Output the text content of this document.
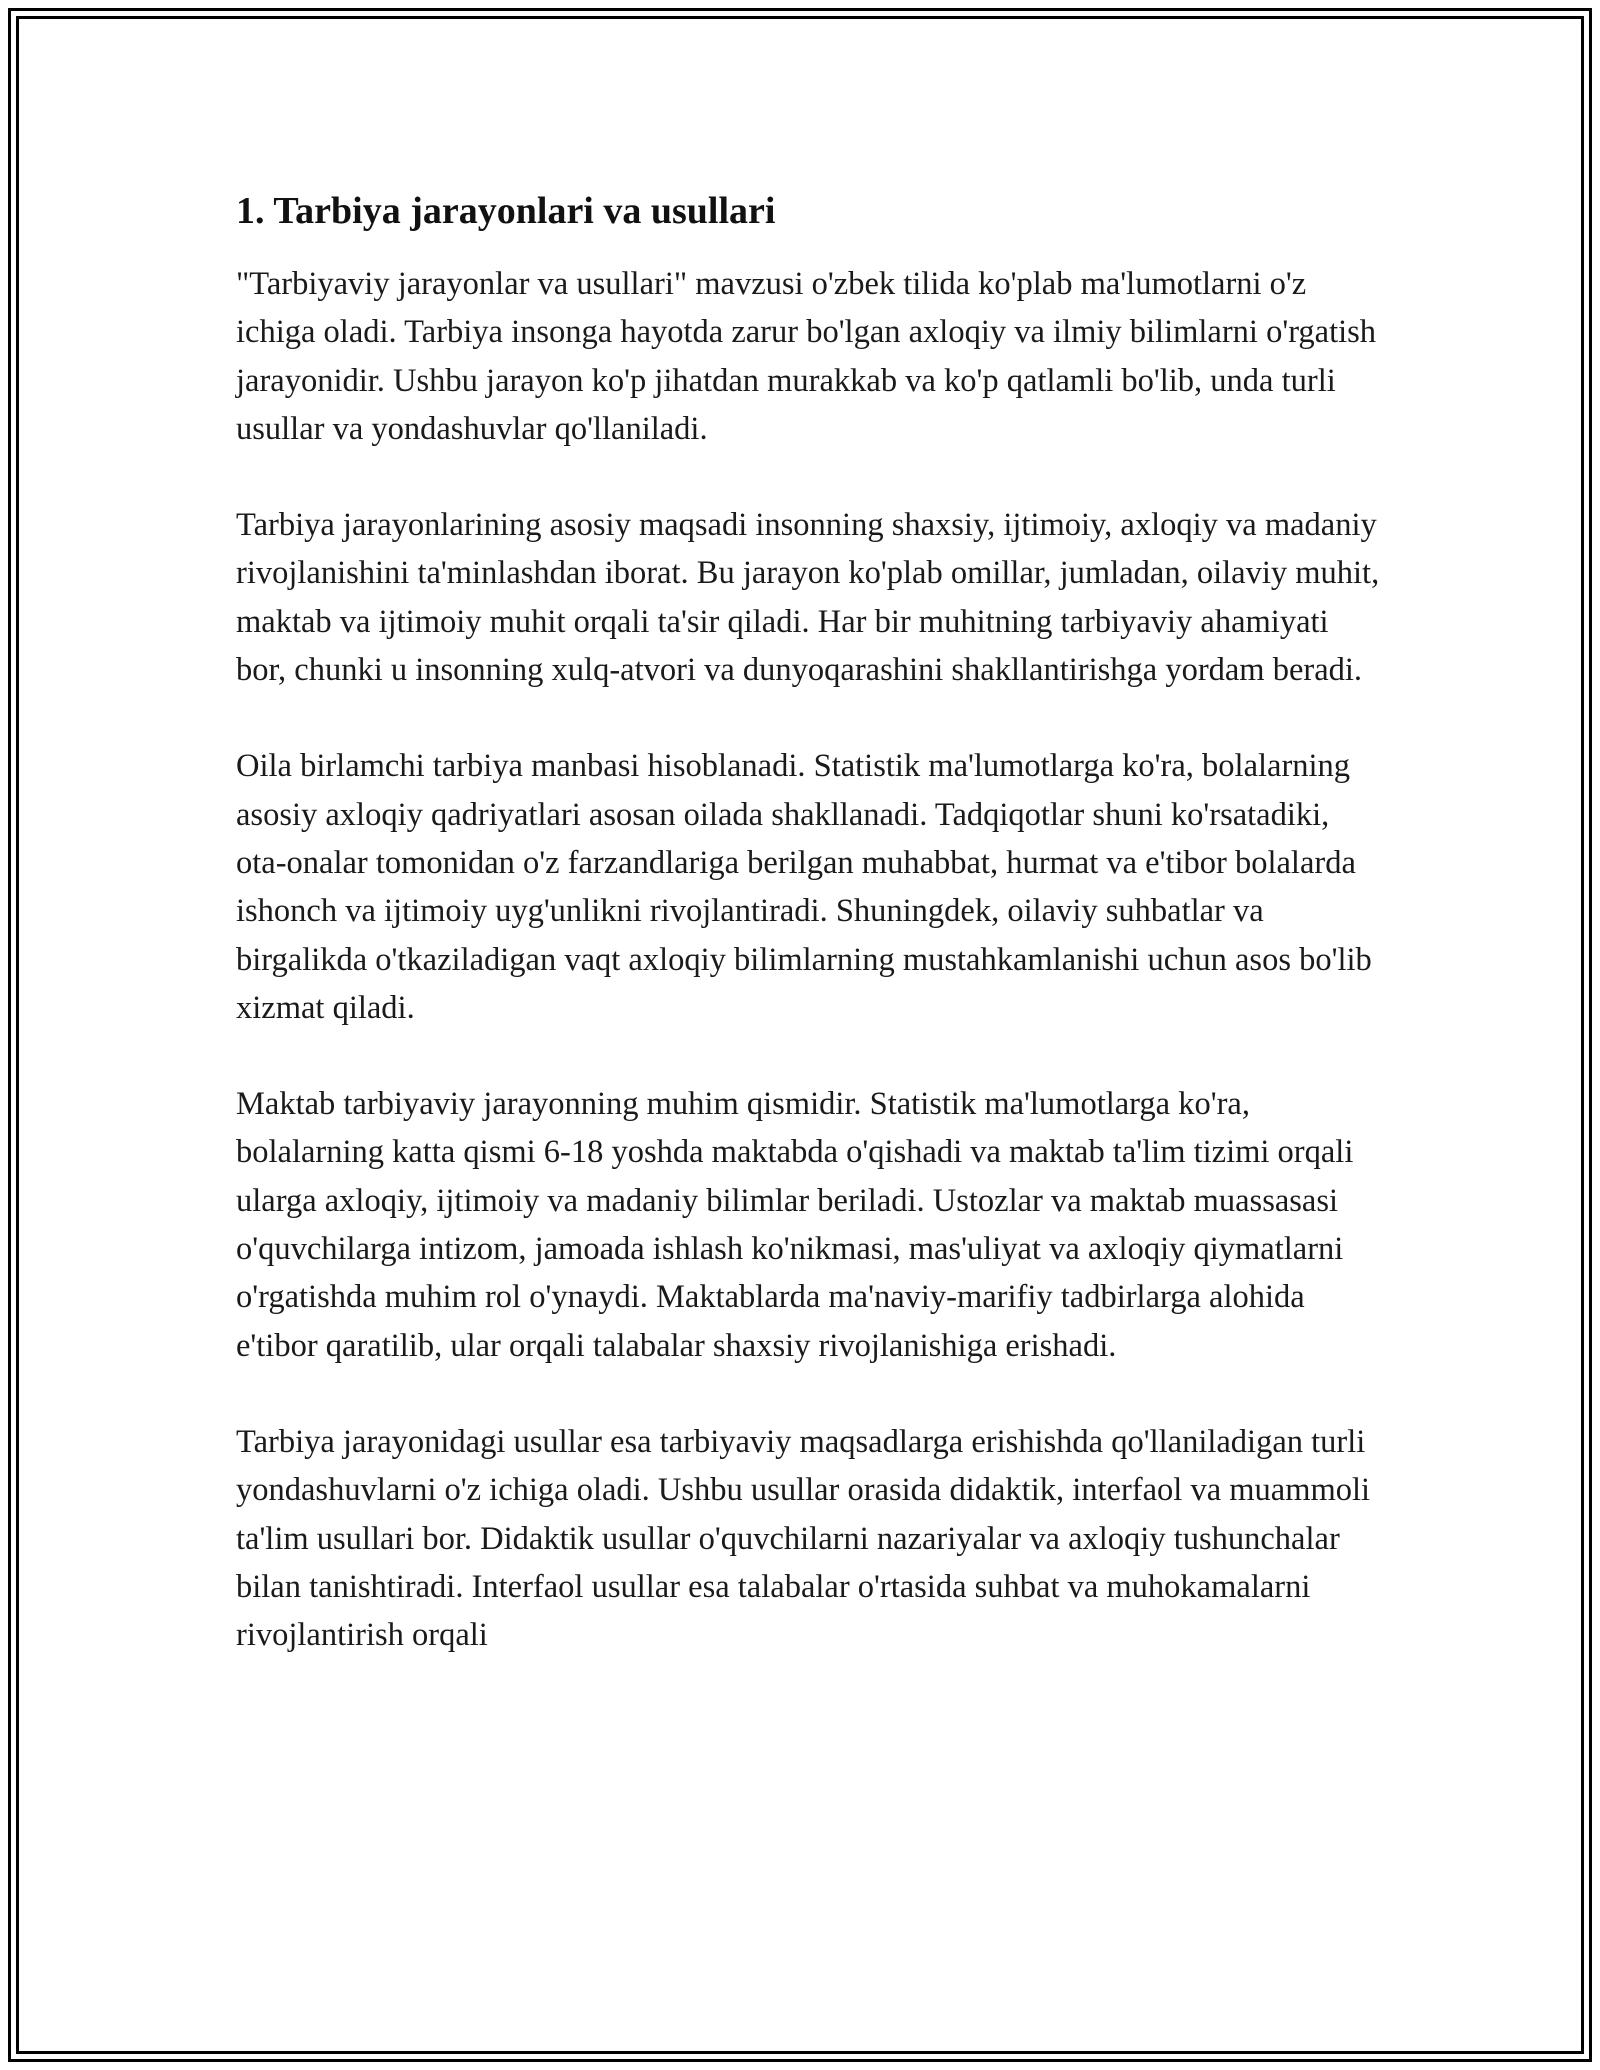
1. Tarbiya jarayonlari va usullari

"Tarbiyaviy jarayonlar va usullari" mavzusi o'zbek tilida ko'plab ma'lumotlarni o'z ichiga oladi. Tarbiya insonga hayotda zarur bo'lgan axloqiy va ilmiy bilimlarni o'rgatish jarayonidir. Ushbu jarayon ko'p jihatdan murakkab va ko'p qatlamli bo'lib, unda turli usullar va yondashuvlar qo'llaniladi.

Tarbiya jarayonlarining asosiy maqsadi insonning shaxsiy, ijtimoiy, axloqiy va madaniy rivojlanishini ta'minlashdan iborat. Bu jarayon ko'plab omillar, jumladan, oilaviy muhit, maktab va ijtimoiy muhit orqali ta'sir qiladi. Har bir muhitning tarbiyaviy ahamiyati bor, chunki u insonning xulq-atvori va dunyoqarashini shakllantirishga yordam beradi.

Oila birlamchi tarbiya manbasi hisoblanadi. Statistik ma'lumotlarga ko'ra, bolalarning asosiy axloqiy qadriyatlari asosan oilada shakllanadi. Tadqiqotlar shuni ko'rsatadiki, ota-onalar tomonidan o'z farzandlariga berilgan muhabbat, hurmat va e'tibor bolalarda ishonch va ijtimoiy uyg'unlikni rivojlantiradi. Shuningdek, oilaviy suhbatlar va birgalikda o'tkaziladigan vaqt axloqiy bilimlarning mustahkamlanishi uchun asos bo'lib xizmat qiladi.

Maktab tarbiyaviy jarayonning muhim qismidir. Statistik ma'lumotlarga ko'ra, bolalarning katta qismi 6-18 yoshda maktabda o'qishadi va maktab ta'lim tizimi orqali ularga axloqiy, ijtimoiy va madaniy bilimlar beriladi. Ustozlar va maktab muassasasi o'quvchilarga intizom, jamoada ishlash ko'nikmasi, mas'uliyat va axloqiy qiymatlarni o'rgatishda muhim rol o'ynaydi. Maktablarda ma'naviy-marifiy tadbirlarga alohida e'tibor qaratilib, ular orqali talabalar shaxsiy rivojlanishiga erishadi.

Tarbiya jarayonidagi usullar esa tarbiyaviy maqsadlarga erishishda qo'llaniladigan turli yondashuvlarni o'z ichiga oladi. Ushbu usullar orasida didaktik, interfaol va muammoli ta'lim usullari bor. Didaktik usullar o'quvchilarni nazariyalar va axloqiy tushunchalar bilan tanishtiradi. Interfaol usullar esa talabalar o'rtasida suhbat va muhokamalarni rivojlantirish orqali
